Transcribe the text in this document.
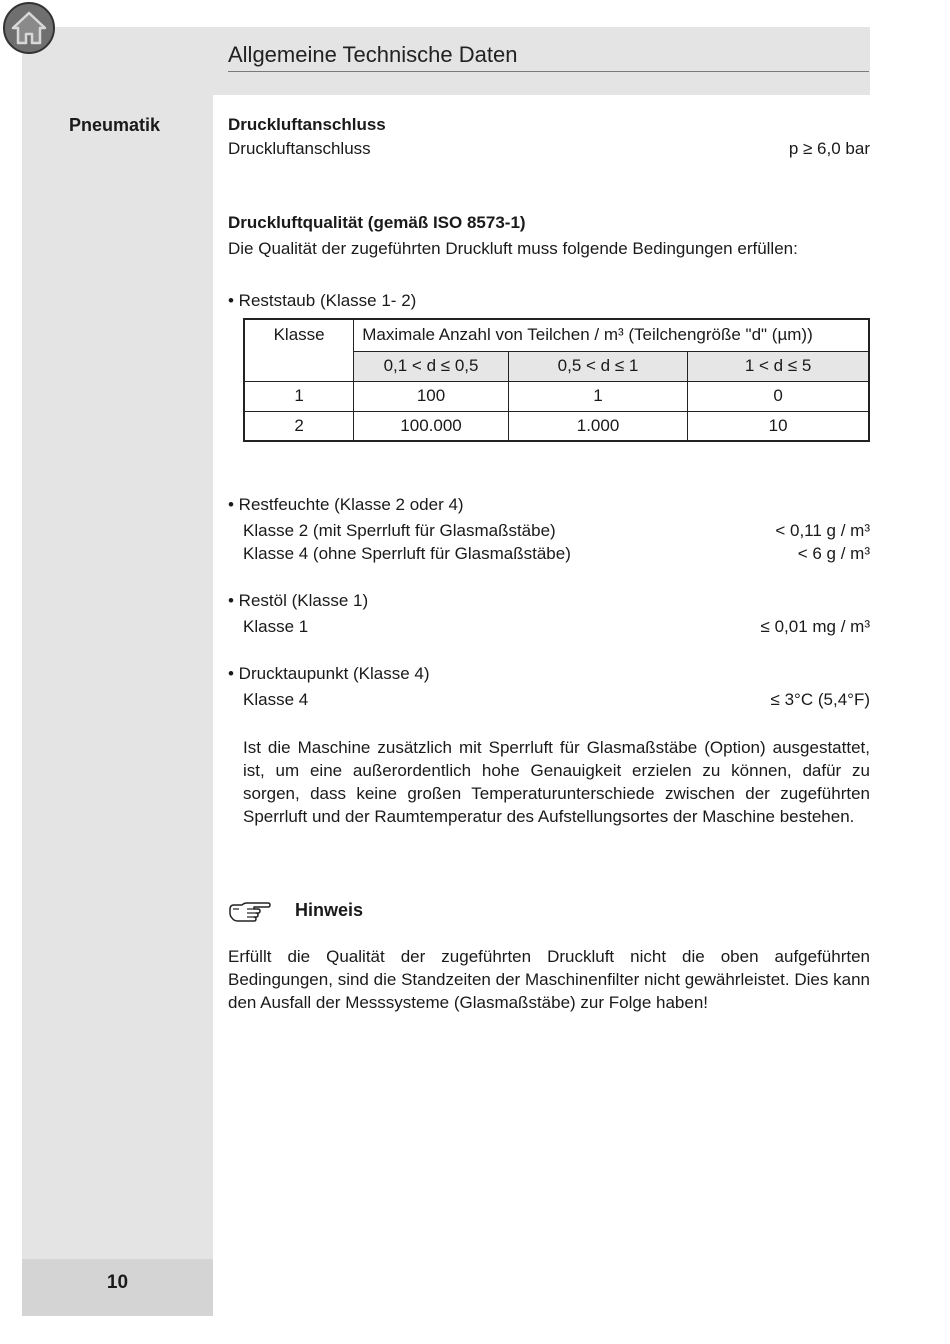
Allgemeine Technische Daten
Pneumatik	Druckluftanschluss
Druckluftanschluss	p ≥ 6,0 bar
Druckluftqualität (gemäß ISO 8573-1)
Die Qualität der zugeführten Druckluft muss folgende Bedingungen erfüllen:
• Reststaub (Klasse 1- 2)
Klasse	Maximale Anzahl von Teilchen / m³ (Teilchengröße "d" (µm))		
	0,1 < d ≤ 0,5	0,5 < d ≤ 1	1 < d ≤ 5
1	100	1	0
2	100.000	1.000	10
• Restfeuchte (Klasse 2 oder 4)
Klasse 2 (mit Sperrluft für Glasmaßstäbe)	< 0,11 g / m³
Klasse 4 (ohne Sperrluft für Glasmaßstäbe)	< 6 g / m³
• Restöl (Klasse 1)
Klasse 1	≤ 0,01 mg / m³
• Drucktaupunkt (Klasse 4)
Klasse 4	≤ 3°C (5,4°F)
Ist die Maschine zusätzlich mit Sperrluft für Glasmaßstäbe (Option) ausgestattet, ist, um eine außerordentlich hohe Genauigkeit erzielen zu können, dafür zu sorgen, dass keine großen Temperaturunterschiede zwischen der zugeführten Sperrluft und der Raumtemperatur des Aufstellungsortes der Maschine bestehen.
Hinweis
Erfüllt die Qualität der zugeführten Druckluft nicht die oben aufgeführten Bedingungen, sind die Standzeiten der Maschinenfilter nicht gewährleistet. Dies kann den Ausfall der Messsysteme (Glasmaßstäbe) zur Folge haben!
10
